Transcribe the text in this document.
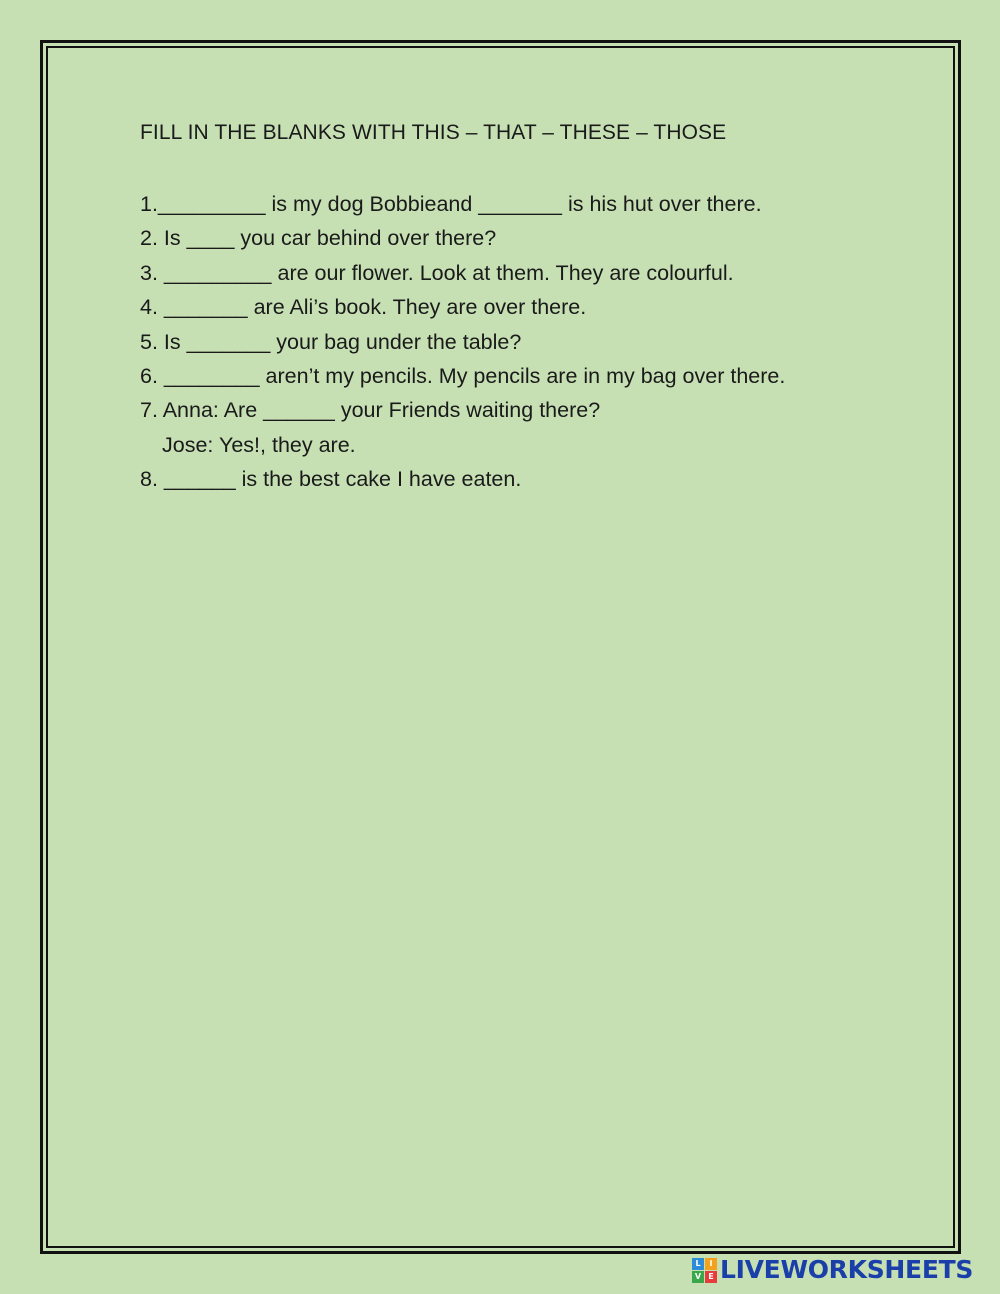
FILL IN THE BLANKS WITH THIS – THAT – THESE – THOSE
1._________ is my dog Bobbieand _______ is his hut over there.
2. Is ____ you car behind over there?
3. _________ are our flower. Look at them. They are colourful.
4. _______ are Ali’s book. They are over there.
5. Is _______ your bag under the table?
6. ________ aren’t my pencils. My pencils are in my bag over there.
7. Anna: Are ______ your Friends waiting there?
Jose: Yes!, they are.
8. ______ is the best cake I have eaten.
L	I
V E LIVEWORKSHEETS
